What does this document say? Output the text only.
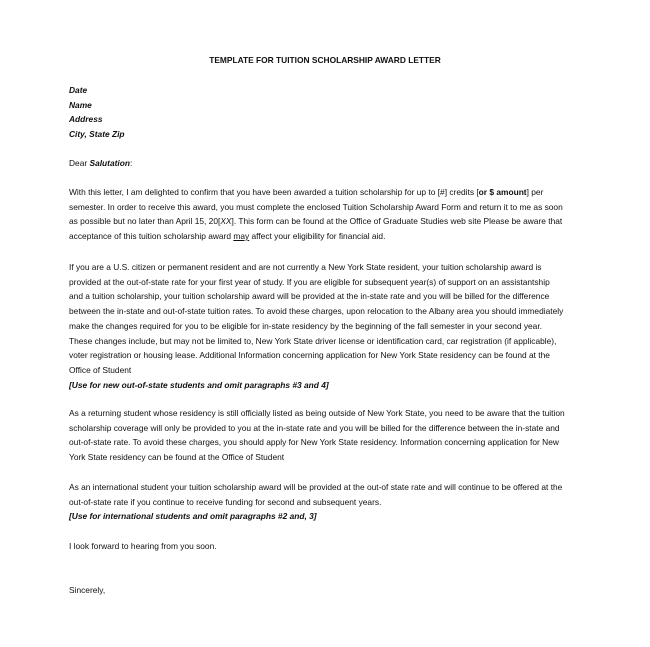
TEMPLATE FOR TUITION SCHOLARSHIP AWARD LETTER
Date
Name
Address
City, State Zip
Dear Salutation:

With this letter, I am delighted to confirm that you have been awarded a tuition scholarship for up to [#] credits [or $ amount] per semester. In order to receive this award, you must complete the enclosed Tuition Scholarship Award Form and return it to me as soon as possible but no later than April 15, 20[XX]. This form can be found at the Office of Graduate Studies web site Please be aware that acceptance of this tuition scholarship award may affect your eligibility for financial aid.

If you are a U.S. citizen or permanent resident and are not currently a New York State resident, your tuition scholarship award is provided at the out-of-state rate for your first year of study. If you are eligible for subsequent year(s) of support on an assistantship and a tuition scholarship, your tuition scholarship award will be provided at the in-state rate and you will be billed for the difference between the in-state and out-of-state tuition rates. To avoid these charges, upon relocation to the Albany area you should immediately make the changes required for you to be eligible for in-state residency by the beginning of the fall semester in your second year. These changes include, but may not be limited to, New York State driver license or identification card, car registration (if applicable), voter registration or housing lease. Additional Information concerning application for New York State residency can be found at the Office of Student
[Use for new out-of-state students and omit paragraphs #3 and 4]

As a returning student whose residency is still officially listed as being outside of New York State, you need to be aware that the tuition scholarship coverage will only be provided to you at the in-state rate and you will be billed for the difference between the in-state and out-of-state rate. To avoid these charges, you should apply for New York State residency. Information concerning application for New York State residency can be found at the Office of Student

As an international student your tuition scholarship award will be provided at the out-of state rate and will continue to be offered at the out-of-state rate if you continue to receive funding for second and subsequent years.
[Use for international students and omit paragraphs #2 and, 3]

I look forward to hearing from you soon.

Sincerely,
